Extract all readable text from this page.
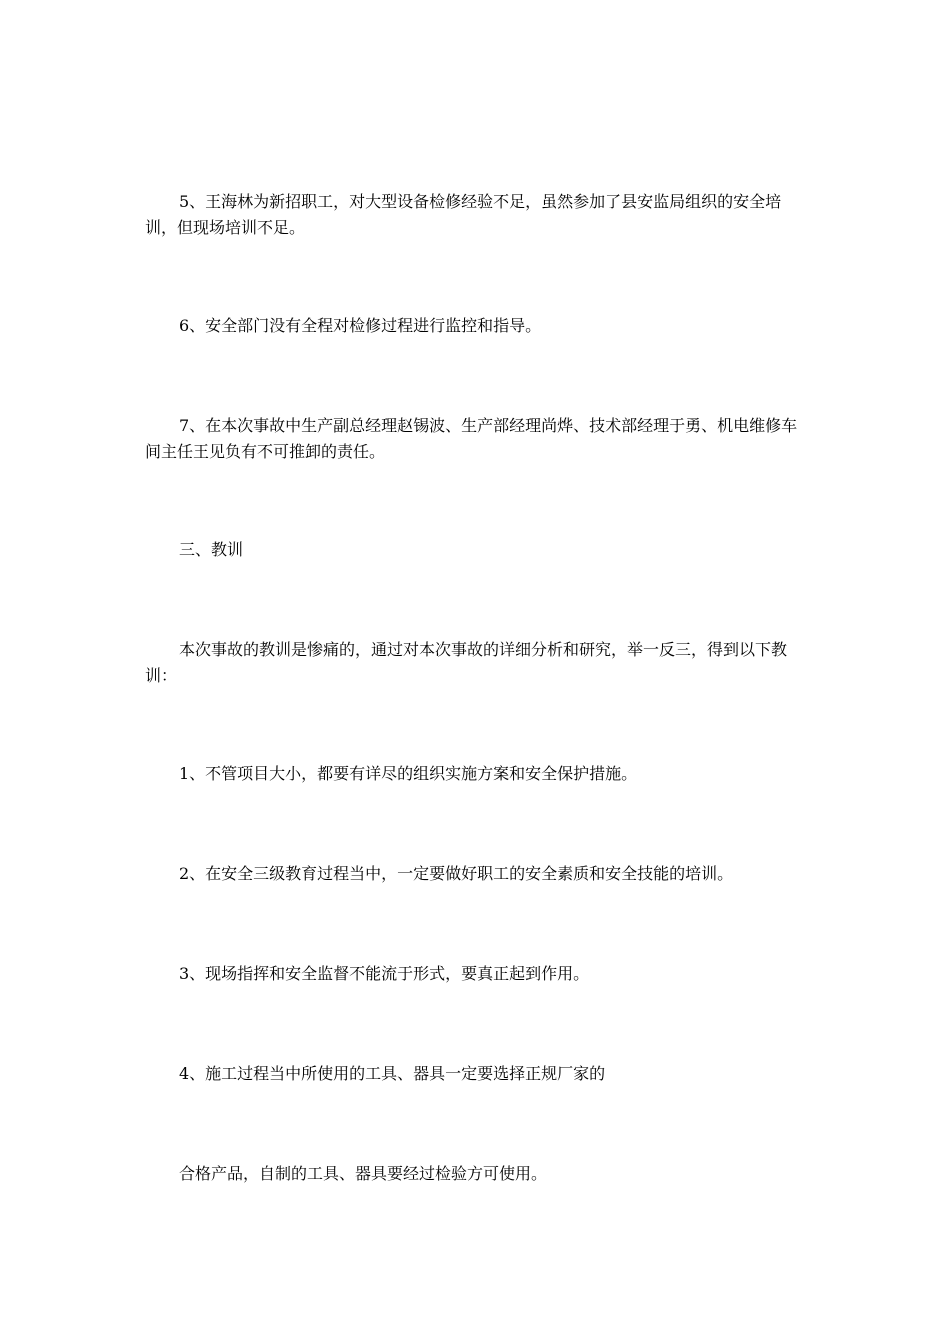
5、王海林为新招职工，对大型设备检修经验不足，虽然参加了县安监局组织的安全培训，但现场培训不足。

6、安全部门没有全程对检修过程进行监控和指导。

7、在本次事故中生产副总经理赵锡波、生产部经理尚烨、技术部经理于勇、机电维修车间主任王见负有不可推卸的责任。

三、教训

本次事故的教训是惨痛的，通过对本次事故的详细分析和研究，举一反三，得到以下教训：

1、不管项目大小，都要有详尽的组织实施方案和安全保护措施。

2、在安全三级教育过程当中，一定要做好职工的安全素质和安全技能的培训。

3、现场指挥和安全监督不能流于形式，要真正起到作用。

4、施工过程当中所使用的工具、器具一定要选择正规厂家的

合格产品，自制的工具、器具要经过检验方可使用。
